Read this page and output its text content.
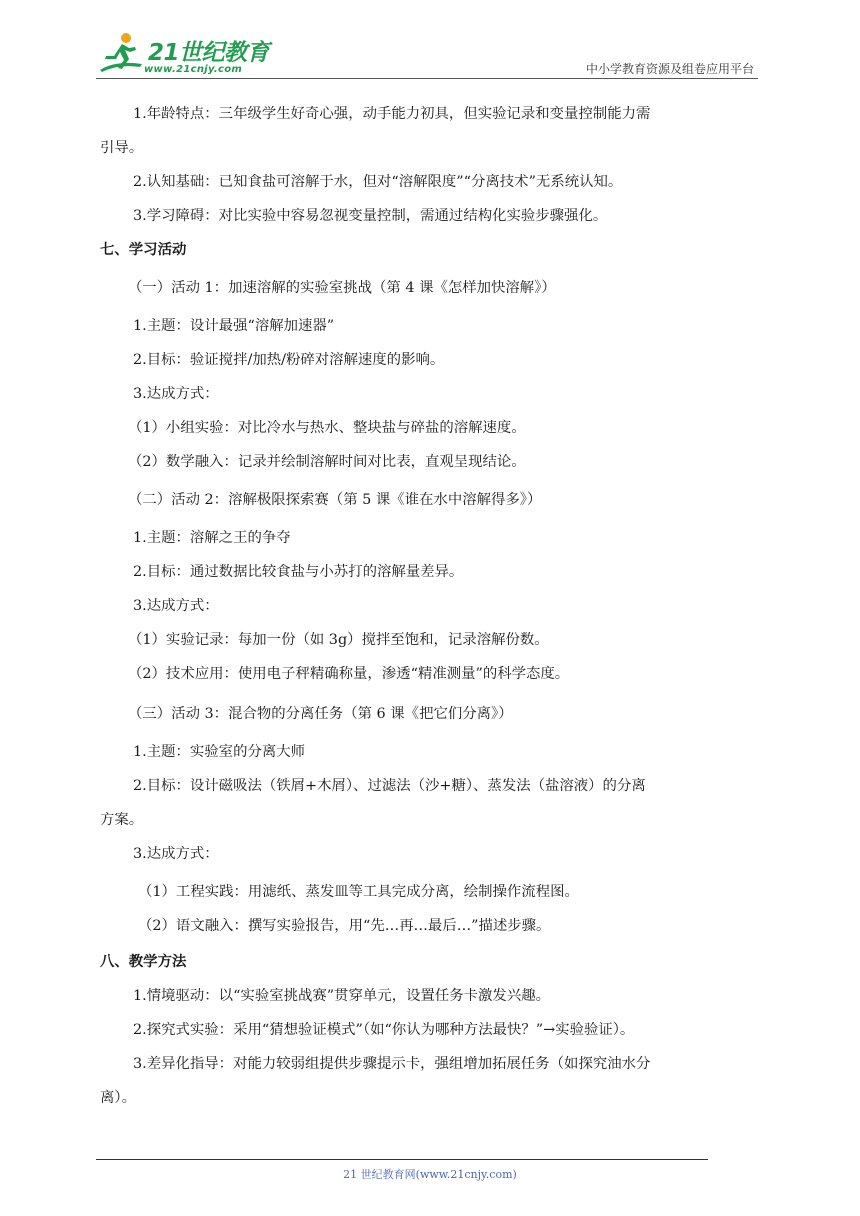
21世纪教育
www.21cnjy.com	中小学教育资源及组卷应用平台
1.年龄特点：三年级学生好奇心强，动手能力初具，但实验记录和变量控制能力需
引导。
2.认知基础：已知食盐可溶解于水，但对“溶解限度”“分离技术”无系统认知。
3.学习障碍：对比实验中容易忽视变量控制，需通过结构化实验步骤强化。
七、学习活动
（一）活动 1：加速溶解的实验室挑战（第 4 课《怎样加快溶解》）
1.主题：设计最强“溶解加速器”
2.目标：验证搅拌/加热/粉碎对溶解速度的影响。
3.达成方式：
（1）小组实验：对比冷水与热水、整块盐与碎盐的溶解速度。
（2）数学融入：记录并绘制溶解时间对比表，直观呈现结论。
（二）活动 2：溶解极限探索赛（第 5 课《谁在水中溶解得多》）
1.主题：溶解之王的争夺
2.目标：通过数据比较食盐与小苏打的溶解量差异。
3.达成方式：
（1）实验记录：每加一份（如 3g）搅拌至饱和，记录溶解份数。
（2）技术应用：使用电子秤精确称量，渗透“精准测量”的科学态度。
（三）活动 3：混合物的分离任务（第 6 课《把它们分离》）
1.主题：实验室的分离大师
2.目标：设计磁吸法（铁屑+木屑）、过滤法（沙+糖）、蒸发法（盐溶液）的分离
方案。
3.达成方式：
（1）工程实践：用滤纸、蒸发皿等工具完成分离，绘制操作流程图。
（2）语文融入：撰写实验报告，用“先…再…最后…”描述步骤。
八、教学方法
1.情境驱动：以“实验室挑战赛”贯穿单元，设置任务卡激发兴趣。
2.探究式实验：采用“猜想验证模式”（如“你认为哪种方法最快？”→实验验证）。
3.差异化指导：对能力较弱组提供步骤提示卡，强组增加拓展任务（如探究油水分
离）。
21 世纪教育网(www.21cnjy.com)
